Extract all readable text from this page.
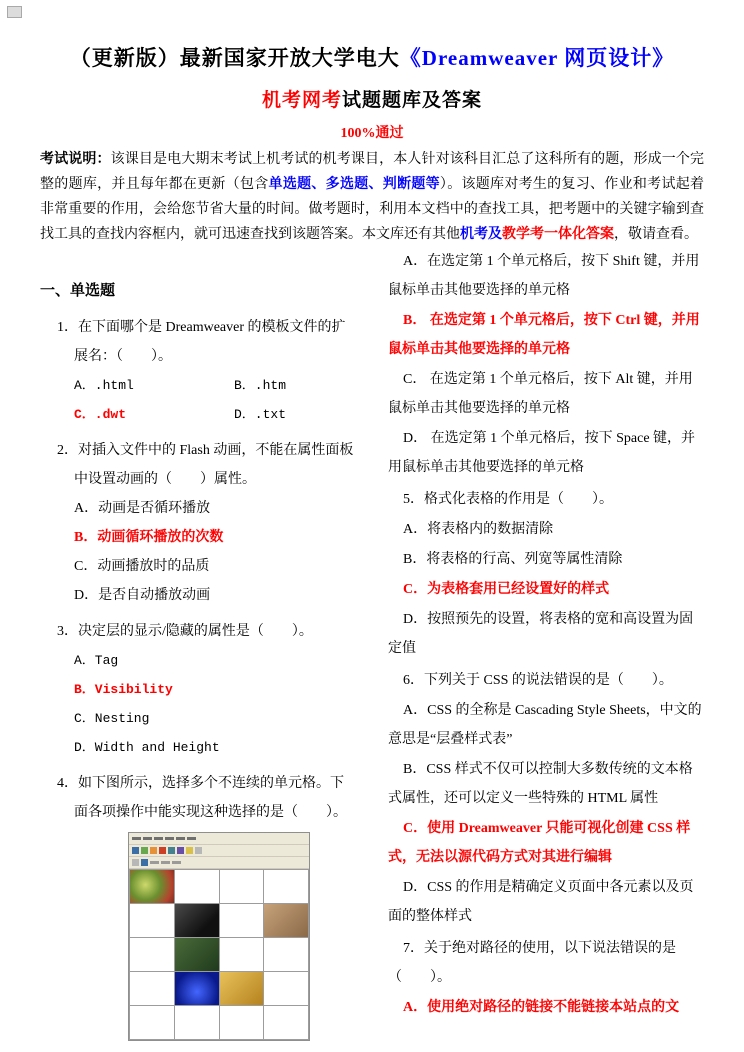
（更新版）最新国家开放大学电大《Dreamweaver 网页设计》
机考网考试题题库及答案
100%通过

考试说明：该课目是电大期末考试上机考试的机考课目，本人针对该科目汇总了这科所有的题，形成一个完整的题库，并且每年都在更新（包含单选题、多选题、判断题等）。该题库对考生的复习、作业和考试起着非常重要的作用，会给您节省大量的时间。做考题时，利用本文档中的查找工具，把考题中的关键字输到查找工具的查找内容框内，就可迅速查找到该题答案。本文库还有其他机考及教学考一体化答案，敬请查看。

一、单选题

1．在下面哪个是 Dreamweaver 的模板文件的扩展名：（　　）。

A．.html	B．.htm
C．.dwt	D．.txt

2．对插入文件中的 Flash 动画，不能在属性面板中设置动画的（　　）属性。

A．动画是否循环播放

B．动画循环播放的次数

C．动画播放时的品质

D．是否自动播放动画

3．决定层的显示/隐藏的属性是（　　）。

A．Tag

B．Visibility

C．Nesting

D．Width and Height

4．如下图所示，选择多个不连续的单元格。下面各项操作中能实现这种选择的是（　　）。

A．在选定第 1 个单元格后，按下 Shift 键，并用鼠标单击其他要选择的单元格

B． 在选定第 1 个单元格后，按下 Ctrl 键，并用鼠标单击其他要选择的单元格

C． 在选定第 1 个单元格后，按下 Alt 键，并用鼠标单击其他要选择的单元格

D． 在选定第 1 个单元格后，按下 Space 键，并用鼠标单击其他要选择的单元格

5．格式化表格的作用是（　　）。

A．将表格内的数据清除

B．将表格的行高、列宽等属性清除

C．为表格套用已经设置好的样式

D．按照预先的设置，将表格的宽和高设置为固定值

6．下列关于 CSS 的说法错误的是（　　）。

A．CSS 的全称是 Cascading Style Sheets，中文的意思是“层叠样式表”

B．CSS 样式不仅可以控制大多数传统的文本格式属性，还可以定义一些特殊的 HTML 属性

C．使用 Dreamweaver 只能可视化创建 CSS 样式，无法以源代码方式对其进行编辑

D．CSS 的作用是精确定义页面中各元素以及页面的整体样式

7．关于绝对路径的使用，以下说法错误的是（　　）。

A．使用绝对路径的链接不能链接本站点的文
